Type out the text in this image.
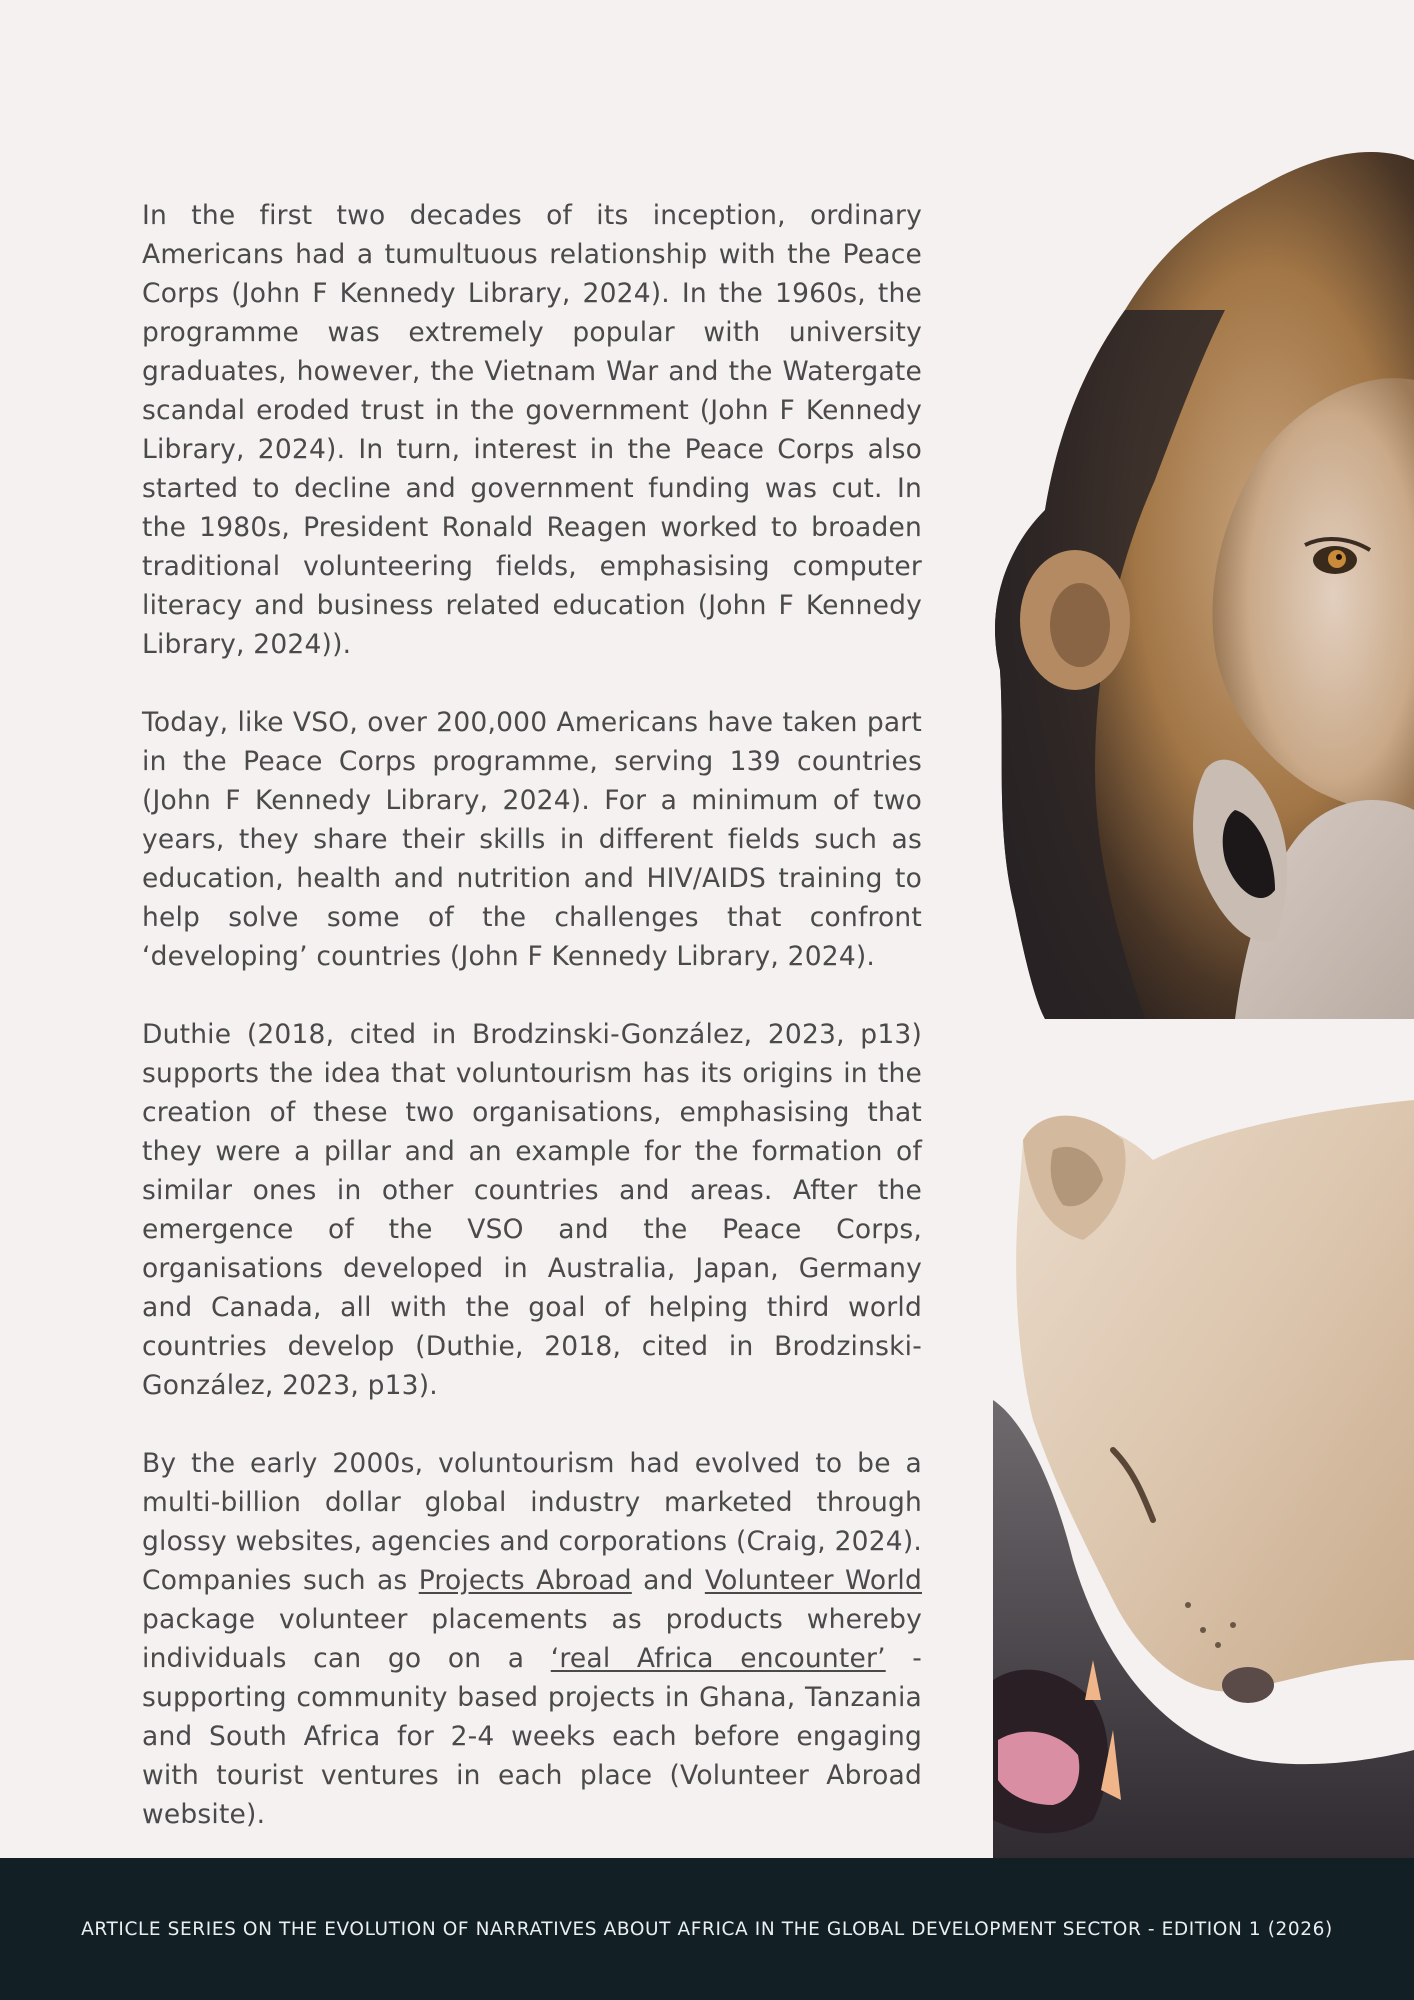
In the first two decades of its inception, ordinary Americans had a tumultuous relationship with the Peace Corps (John F Kennedy Library, 2024). In the 1960s, the programme was extremely popular with university graduates, however, the Vietnam War and the Watergate scandal eroded trust in the government (John F Kennedy Library, 2024). In turn, interest in the Peace Corps also started to decline and government funding was cut. In the 1980s, President Ronald Reagen worked to broaden traditional volunteering fields, emphasising computer literacy and business related education (John F Kennedy Library, 2024)).

Today, like VSO, over 200,000 Americans have taken part in the Peace Corps programme, serving 139 countries (John F Kennedy Library, 2024). For a minimum of two years, they share their skills in different fields such as education, health and nutrition and HIV/AIDS training to help solve some of the challenges that confront ‘developing’ countries (John F Kennedy Library, 2024).

Duthie (2018, cited in Brodzinski-González, 2023, p13) supports the idea that voluntourism has its origins in the creation of these two organisations, emphasising that they were a pillar and an example for the formation of similar ones in other countries and areas. After the emergence of the VSO and the Peace Corps, organisations developed in Australia, Japan, Germany and Canada, all with the goal of helping third world countries develop (Duthie, 2018, cited in Brodzinski-González, 2023, p13).

By the early 2000s, voluntourism had evolved to be a multi-billion dollar global industry marketed through glossy websites, agencies and corporations (Craig, 2024). Companies such as Projects Abroad and Volunteer World package volunteer placements as products whereby individuals can go on a ‘real Africa encounter’ - supporting community based projects in Ghana, Tanzania and South Africa for 2-4 weeks each before engaging with tourist ventures in each place (Volunteer Abroad website).

ARTICLE SERIES ON THE EVOLUTION OF NARRATIVES ABOUT AFRICA IN THE GLOBAL DEVELOPMENT SECTOR - EDITION 1 (2026)
